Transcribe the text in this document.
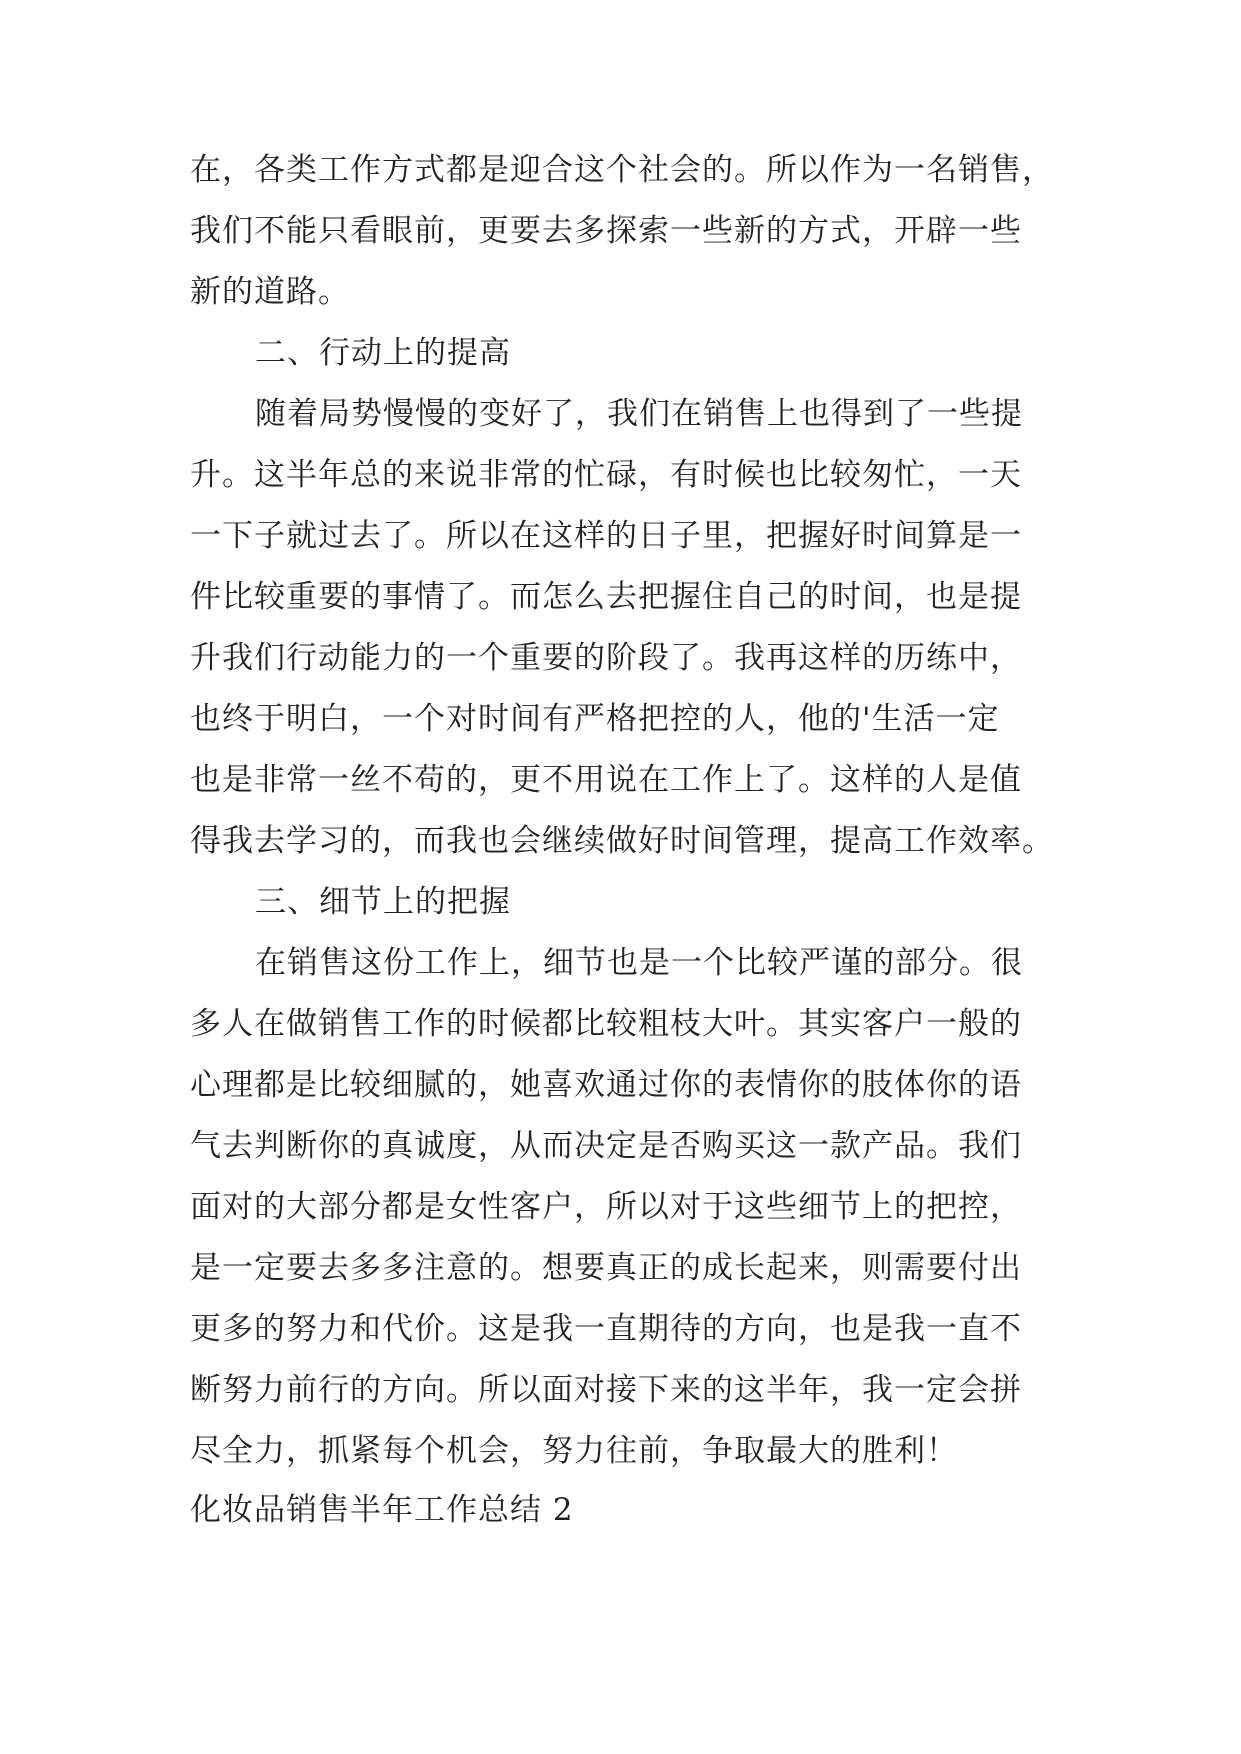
在，各类工作方式都是迎合这个社会的。所以作为一名销售，
我们不能只看眼前，更要去多探索一些新的方式，开辟一些
新的道路。
二、行动上的提高
随着局势慢慢的变好了，我们在销售上也得到了一些提
升。这半年总的来说非常的忙碌，有时候也比较匆忙，一天
一下子就过去了。所以在这样的日子里，把握好时间算是一
件比较重要的事情了。而怎么去把握住自己的时间，也是提
升我们行动能力的一个重要的阶段了。我再这样的历练中，
也终于明白，一个对时间有严格把控的人，他的'生活一定
也是非常一丝不苟的，更不用说在工作上了。这样的人是值
得我去学习的，而我也会继续做好时间管理，提高工作效率。
三、细节上的把握
在销售这份工作上，细节也是一个比较严谨的部分。很
多人在做销售工作的时候都比较粗枝大叶。其实客户一般的
心理都是比较细腻的，她喜欢通过你的表情你的肢体你的语
气去判断你的真诚度，从而决定是否购买这一款产品。我们
面对的大部分都是女性客户，所以对于这些细节上的把控，
是一定要去多多注意的。想要真正的成长起来，则需要付出
更多的努力和代价。这是我一直期待的方向，也是我一直不
断努力前行的方向。所以面对接下来的这半年，我一定会拼
尽全力，抓紧每个机会，努力往前，争取最大的胜利！
化妆品销售半年工作总结 2
